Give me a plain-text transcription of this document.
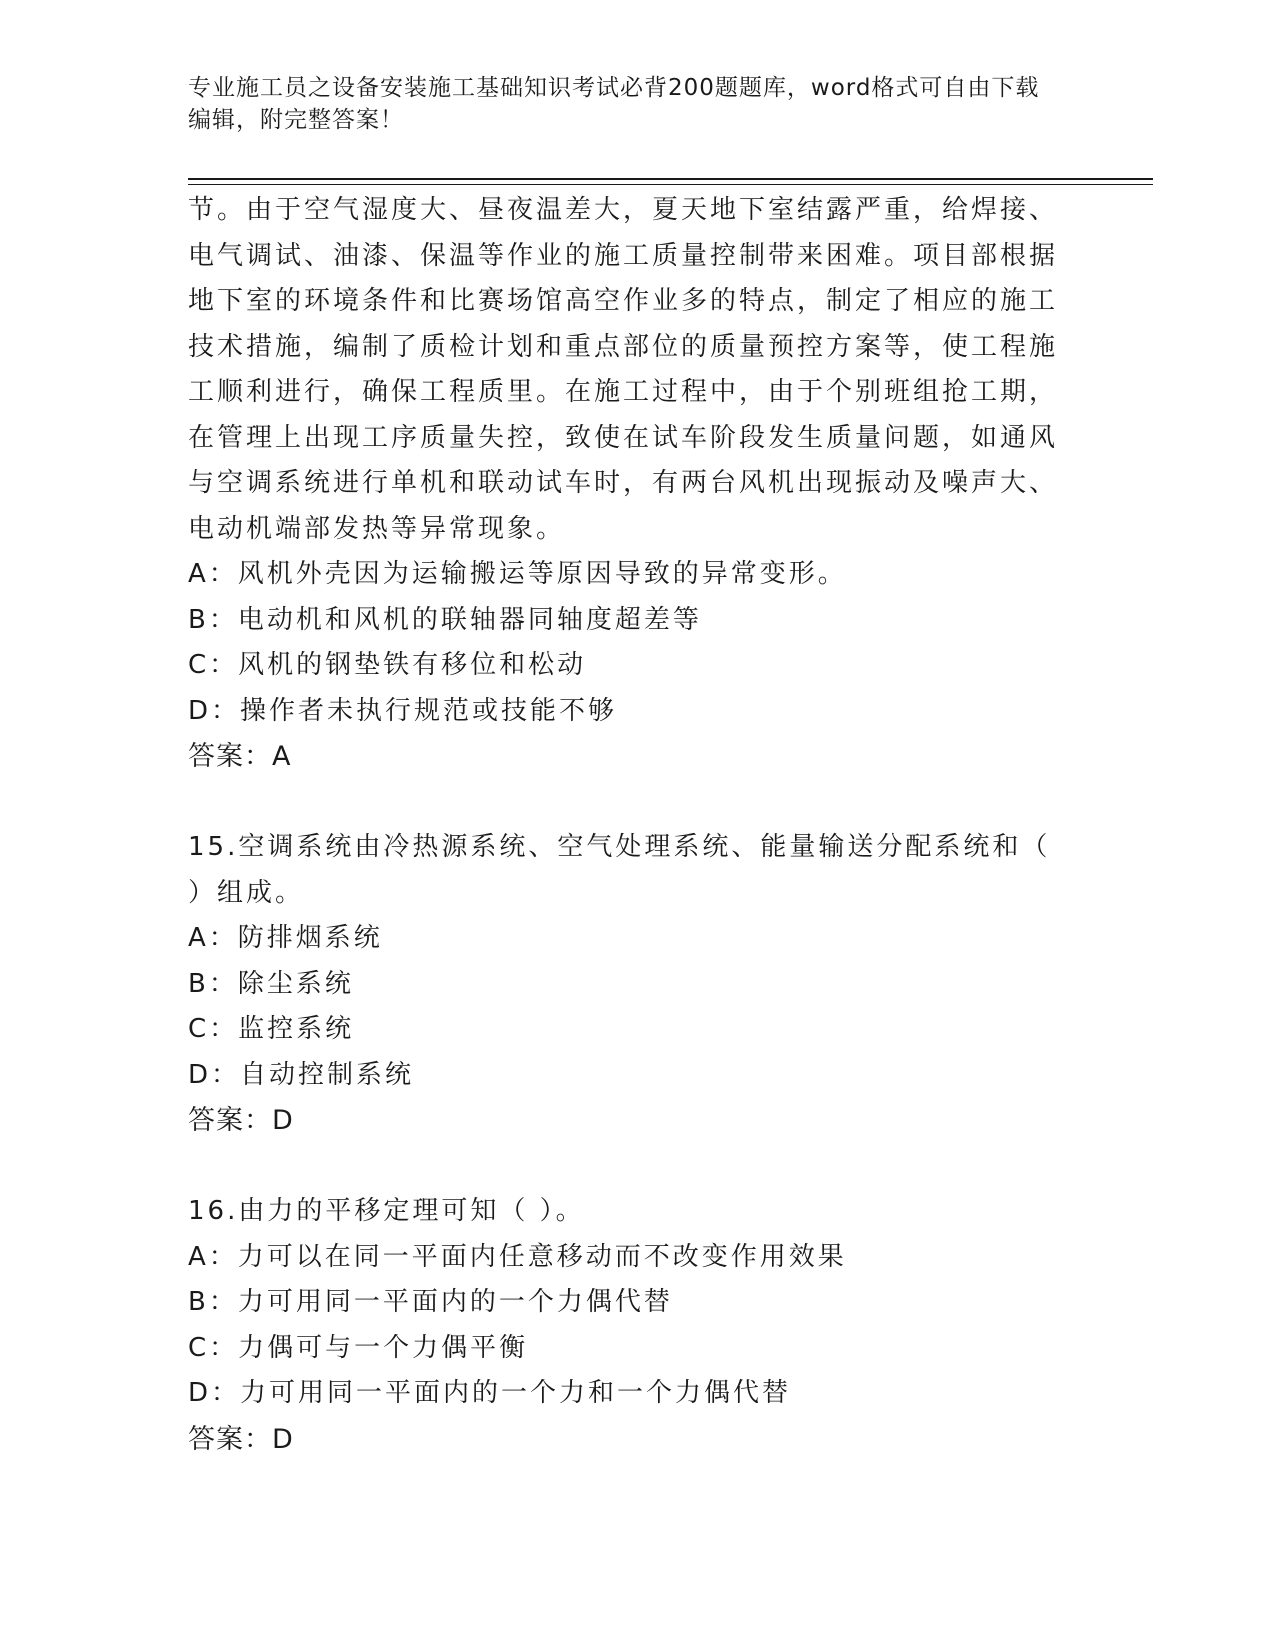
专业施工员之设备安装施工基础知识考试必背200题题库，word格式可自由下载
编辑，附完整答案！
节。由于空气湿度大、昼夜温差大，夏天地下室结露严重，给焊接、
电气调试、油漆、保温等作业的施工质量控制带来困难。项目部根据
地下室的环境条件和比赛场馆高空作业多的特点，制定了相应的施工
技术措施，编制了质检计划和重点部位的质量预控方案等，使工程施
工顺利进行，确保工程质里。在施工过程中，由于个别班组抢工期，
在管理上出现工序质量失控，致使在试车阶段发生质量问题，如通风
与空调系统进行单机和联动试车时，有两台风机出现振动及噪声大、
电动机端部发热等异常现象。
A：风机外壳因为运输搬运等原因导致的异常变形。
B：电动机和风机的联轴器同轴度超差等
C：风机的钢垫铁有移位和松动
D：操作者未执行规范或技能不够
答案：A
15.空调系统由冷热源系统、空气处理系统、能量输送分配系统和（
）组成。
A：防排烟系统
B：除尘系统
C：监控系统
D：自动控制系统
答案：D
16.由力的平移定理可知（ ）。
A：力可以在同一平面内任意移动而不改变作用效果
B：力可用同一平面内的一个力偶代替
C：力偶可与一个力偶平衡
D：力可用同一平面内的一个力和一个力偶代替
答案：D
